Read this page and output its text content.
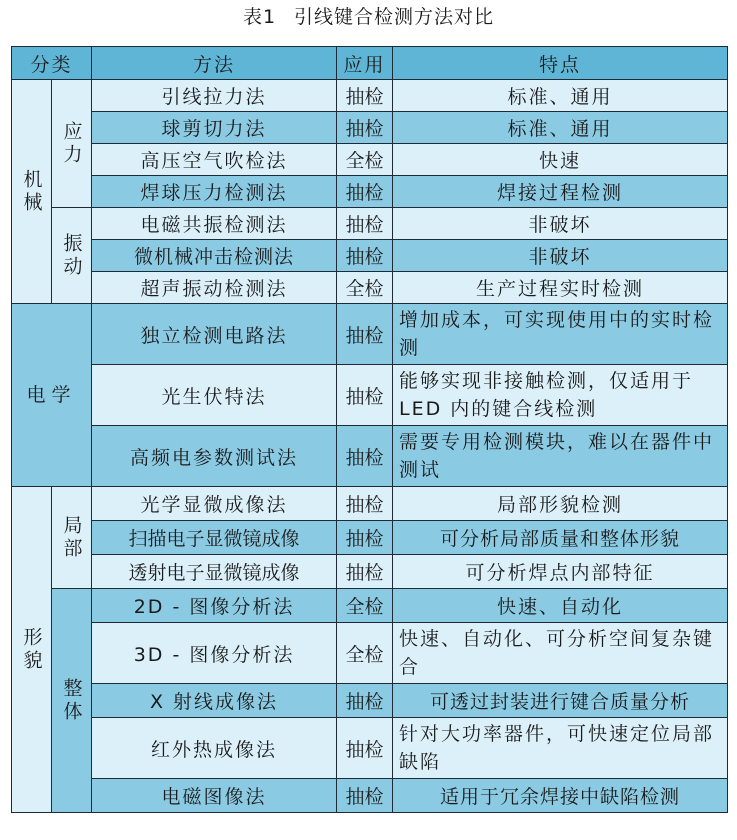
表1 引线键合检测方法对比
分类		方法	应用	特点
机械	应力	引线拉力法	抽检	标准、通用
		球剪切力法	抽检	标准、通用
		高压空气吹检法	全检	快速
		焊球压力检测法	抽检	焊接过程检测
	振动	电磁共振检测法	抽检	非破坏
		微机械冲击检测法	抽检	非破坏
		超声振动检测法	全检	生产过程实时检测
电学		独立检测电路法	抽检	增加成本，可实现使用中的实时检测
		光生伏特法	抽检	能够实现非接触检测，仅适用于LED 内的键合线检测
		高频电参数测试法	抽检	需要专用检测模块，难以在器件中测试
形貌	局部	光学显微成像法	抽检	局部形貌检测
		扫描电子显微镜成像	抽检	可分析局部质量和整体形貌
		透射电子显微镜成像	抽检	可分析焊点内部特征
	整体	2D - 图像分析法	全检	快速、自动化
		3D - 图像分析法	全检	快速、自动化、可分析空间复杂键合
		X 射线成像法	抽检	可透过封装进行键合质量分析
		红外热成像法	抽检	针对大功率器件，可快速定位局部缺陷
		电磁图像法	抽检	适用于冗余焊接中缺陷检测
